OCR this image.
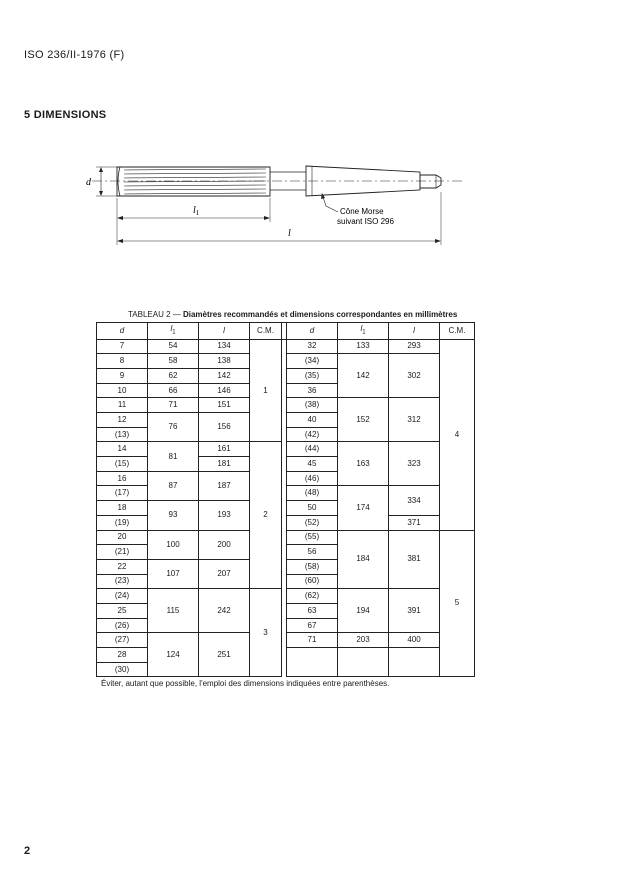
ISO 236/II-1976 (F)
5 DIMENSIONS
d
$l_1$
l
Cône Morse
suivant ISO 296
TABLEAU 2 — Diamètres recommandés et dimensions correspondantes en millimètres
d	$l_1$	l	C.M.		d	$l_1$	l	C.M.	
7	54	134	1		32	133	293	4	
8	58	138			(34)	142	302		
9	62	142			(35)				
10	66	146			36				
11	71	151			(38)	152	312		
12	76	156			40				
(13)					(42)				
14	81	161	2		(44)	163	323		
(15)		181			45				
16	87	187			(46)				
(17)					(48)	174	334		
18	93	193			50				
(19)					(52)		371		
20	100	200			(55)	184	381	5	
(21)					56				
22	107	207			(58)				
(23)					(60)				
(24)	115	242	3		(62)	194	391		
25					63				
(26)					67				
(27)	124	251			71	203	400		
28									
(30)									
Éviter, autant que possible, l'emploi des dimensions indiquées entre parenthèses.
2
